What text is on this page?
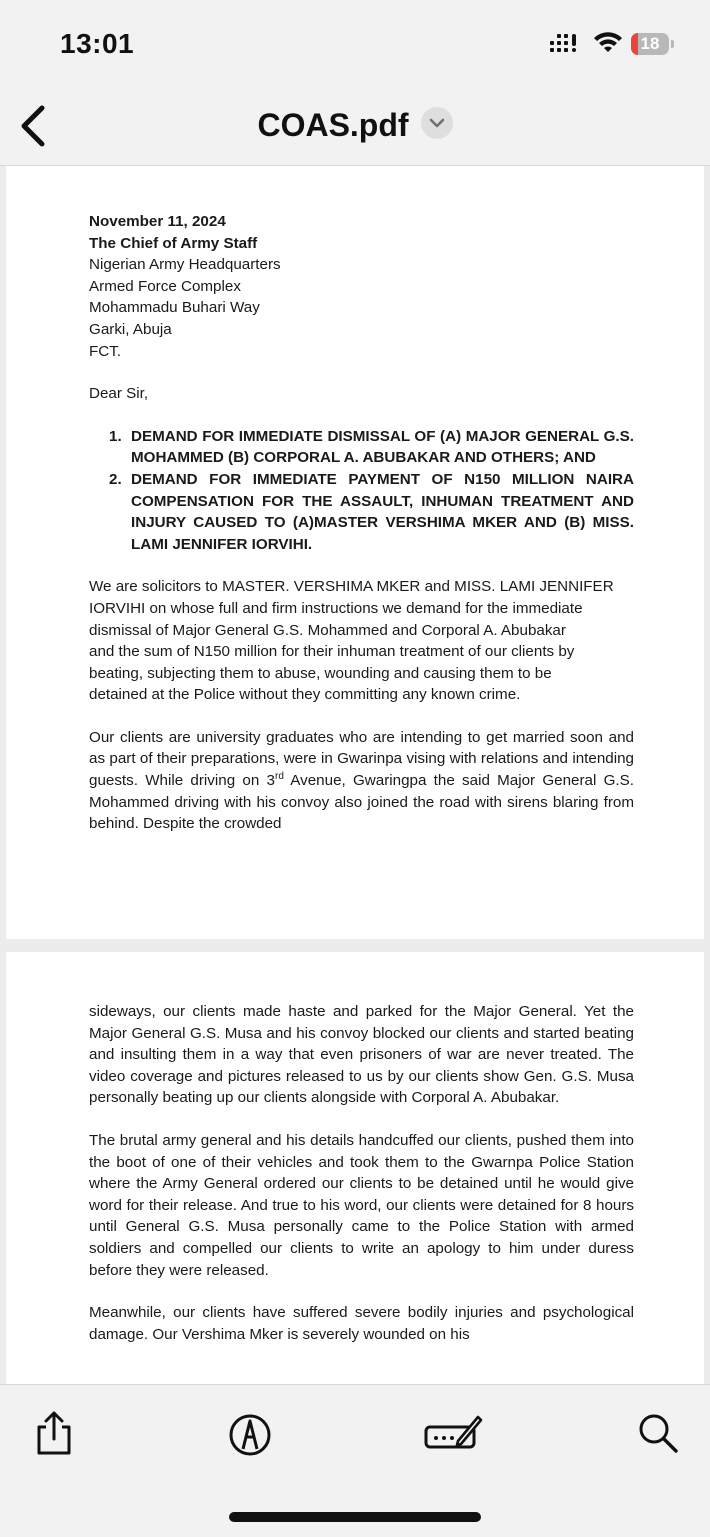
13:01	18
COAS.pdf
November 11, 2024
The Chief of Army Staff
Nigerian Army Headquarters
Armed Force Complex
Mohammadu Buhari Way
Garki, Abuja
FCT.
Dear Sir,
1. DEMAND FOR IMMEDIATE DISMISSAL OF (A) MAJOR GENERAL G.S. MOHAMMED (B) CORPORAL A. ABUBAKAR AND OTHERS; AND
2. DEMAND FOR IMMEDIATE PAYMENT OF N150 MILLION NAIRA COMPENSATION FOR THE ASSAULT, INHUMAN TREATMENT AND INJURY CAUSED TO (A)MASTER VERSHIMA MKER AND (B) MISS. LAMI JENNIFER IORVIHI.
We are solicitors to MASTER. VERSHIMA MKER and MISS. LAMI JENNIFER
IORVIHI on whose full and firm instructions we demand for the immediate
dismissal of Major General G.S. Mohammed and Corporal A. Abubakar
and the sum of N150 million for their inhuman treatment of our clients by
beating, subjecting them to abuse, wounding and causing them to be
detained at the Police without they committing any known crime.

Our clients are university graduates who are intending to get married soon and as part of their preparations, were in Gwarinpa vising with relations and intending guests. While driving on 3rd Avenue, Gwaringpa the said Major General G.S. Mohammed driving with his convoy also joined the road with sirens blaring from behind. Despite the crowded

sideways, our clients made haste and parked for the Major General. Yet the Major General G.S. Musa and his convoy blocked our clients and started beating and insulting them in a way that even prisoners of war are never treated. The video coverage and pictures released to us by our clients show Gen. G.S. Musa personally beating up our clients alongside with Corporal A. Abubakar.

The brutal army general and his details handcuffed our clients, pushed them into the boot of one of their vehicles and took them to the Gwarnpa Police Station where the Army General ordered our clients to be detained until he would give word for their release. And true to his word, our clients were detained for 8 hours until General G.S. Musa personally came to the Police Station with armed soldiers and compelled our clients to write an apology to him under duress before they were released.

Meanwhile, our clients have suffered severe bodily injuries and psychological damage. Our Vershima Mker is severely wounded on his
